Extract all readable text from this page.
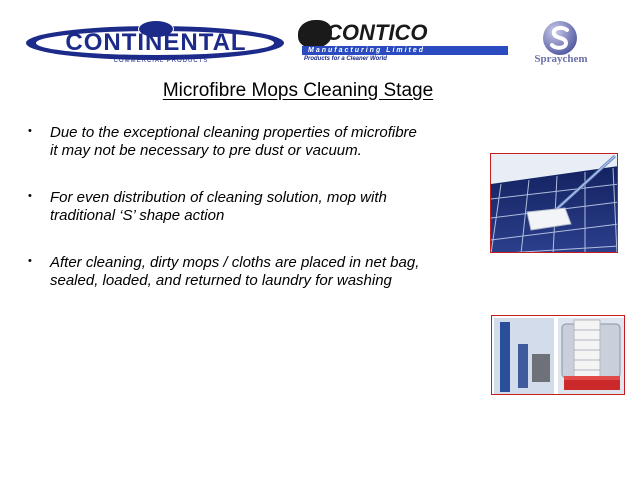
CONTINENTAL
COMMERCIAL PRODUCTS
CONTICO
Manufacturing Limited
Products for a Cleaner World	Spraychem
Microfibre Mops Cleaning Stage
• Due to the exceptional cleaning properties of microfibre it may not be necessary to pre dust or vacuum.
• For even distribution of cleaning solution, mop with traditional ‘S’ shape action
• After cleaning, dirty mops / cloths are placed in net bag, sealed, loaded, and returned to laundry for washing
